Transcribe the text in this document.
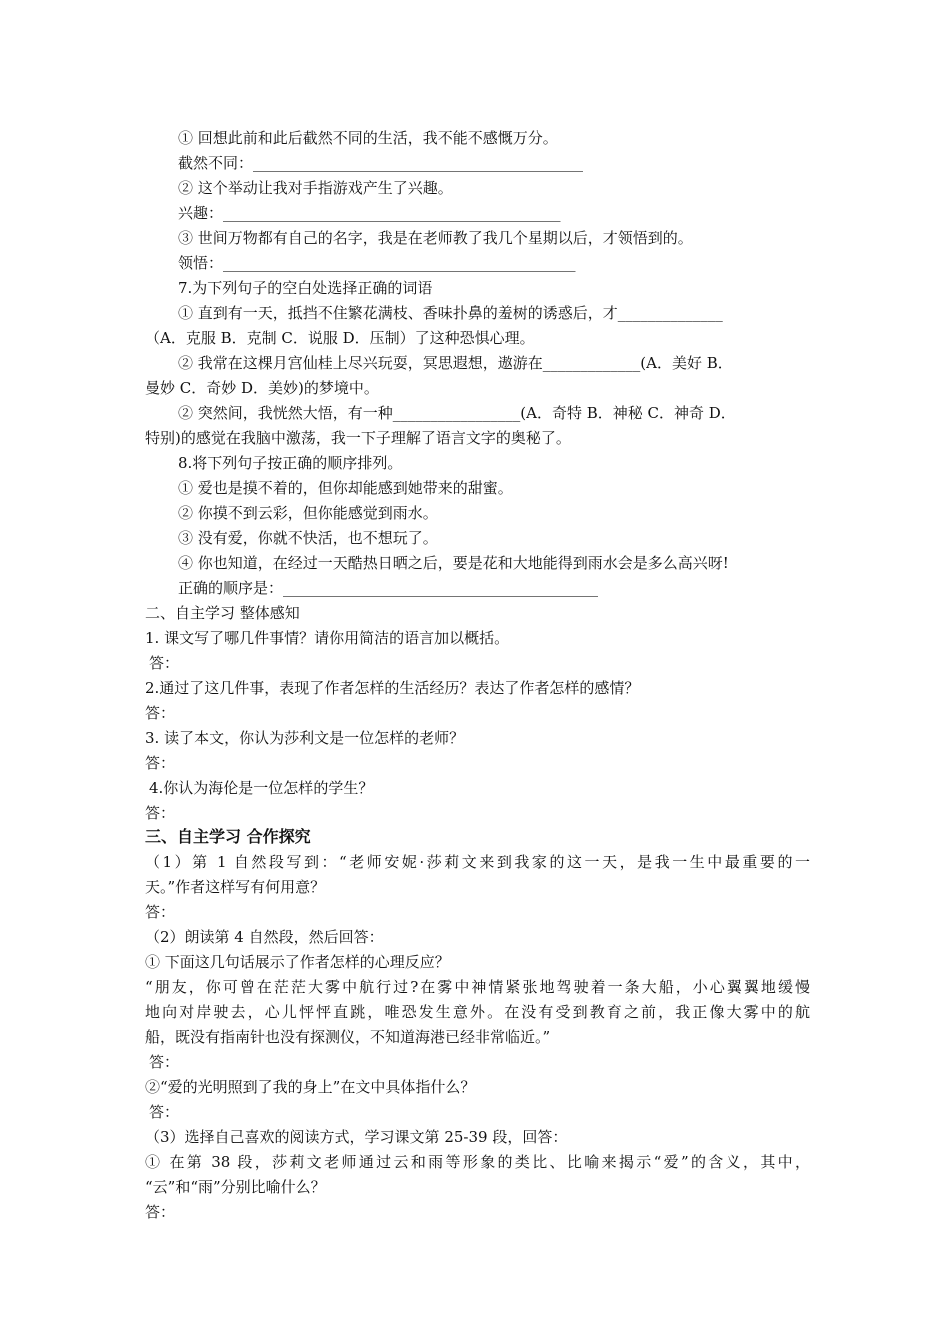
① 回想此前和此后截然不同的生活，我不能不感慨万分。
截然不同：____________________________________________
② 这个举动让我对手指游戏产生了兴趣。
兴趣：_____________________________________________
③ 世间万物都有自己的名字，我是在老师教了我几个星期以后，才领悟到的。
领悟：_______________________________________________
7.为下列句子的空白处选择正确的词语
① 直到有一天，抵挡不住繁花满枝、香味扑鼻的羞树的诱惑后，才______________
（A．克服 B．克制 C．说服 D．压制）了这种恐惧心理。
② 我常在这棵月宫仙桂上尽兴玩耍，冥思遐想，遨游在_____________(A．美好 B．
曼妙 C．奇妙 D．美妙)的梦境中。
② 突然间，我恍然大悟，有一种_________________(A．奇特 B．神秘 C．神奇 D．
特别)的感觉在我脑中激荡，我一下子理解了语言文字的奥秘了。
8.将下列句子按正确的顺序排列。
① 爱也是摸不着的，但你却能感到她带来的甜蜜。
② 你摸不到云彩，但你能感觉到雨水。
③ 没有爱，你就不快活，也不想玩了。
④ 你也知道，在经过一天酷热日晒之后，要是花和大地能得到雨水会是多么高兴呀!
正确的顺序是：__________________________________________
二、自主学习 整体感知
1. 课文写了哪几件事情？请你用简洁的语言加以概括。
答：
2.通过了这几件事，表现了作者怎样的生活经历？表达了作者怎样的感情？
答：
3. 读了本文，你认为莎利文是一位怎样的老师？
答：
4.你认为海伦是一位怎样的学生？
答：
三、自主学习 合作探究
（1）第 1 自然段写到：“老师安妮·莎莉文来到我家的这一天，是我一生中最重要的一
天。”作者这样写有何用意？
答：
（2）朗读第 4 自然段，然后回答：
① 下面这几句话展示了作者怎样的心理反应？
“朋友，你可曾在茫茫大雾中航行过?在雾中神情紧张地驾驶着一条大船，小心翼翼地缓慢
地向对岸驶去，心儿怦怦直跳，唯恐发生意外。在没有受到教育之前，我正像大雾中的航
船，既没有指南针也没有探测仪，不知道海港已经非常临近。”
答：
②“爱的光明照到了我的身上”在文中具体指什么？
答：
（3）选择自己喜欢的阅读方式，学习课文第 25-39 段，回答：
① 在第 38 段，莎莉文老师通过云和雨等形象的类比、比喻来揭示“爱”的含义，其中，
“云”和“雨”分别比喻什么？
答：
